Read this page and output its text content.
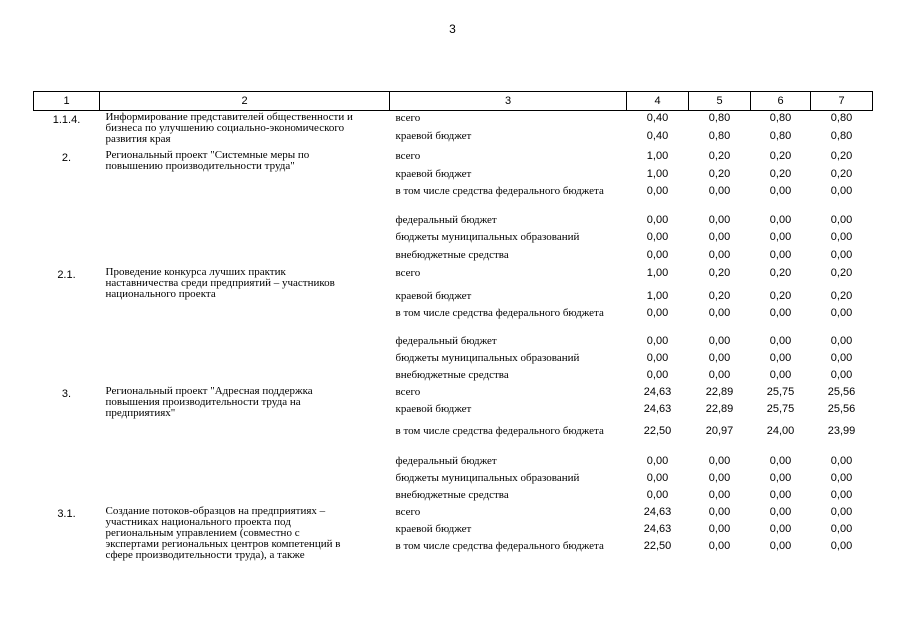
3
1	2	3	4	5	6	7
1.1.4.	Информирование представителей общественности и бизнеса по улучшению социально-экономического развития края	всего	0,40	0,80	0,80	0,80
		краевой бюджет	0,40	0,80	0,80	0,80
2.	Региональный проект "Системные меры по повышению производительности труда"	всего	1,00	0,20	0,20	0,20
		краевой бюджет	1,00	0,20	0,20	0,20
		в том числе средства федерального бюджета	0,00	0,00	0,00	0,00
		федеральный бюджет	0,00	0,00	0,00	0,00
		бюджеты муниципальных образований	0,00	0,00	0,00	0,00
		внебюджетные средства	0,00	0,00	0,00	0,00
2.1.	Проведение конкурса лучших практик наставничества среди предприятий – участников национального проекта	всего	1,00	0,20	0,20	0,20
		краевой бюджет	1,00	0,20	0,20	0,20
		в том числе средства федерального бюджета	0,00	0,00	0,00	0,00
		федеральный бюджет	0,00	0,00	0,00	0,00
		бюджеты муниципальных образований	0,00	0,00	0,00	0,00
		внебюджетные средства	0,00	0,00	0,00	0,00
3.	Региональный проект "Адресная поддержка повышения производительности труда на предприятиях"	всего	24,63	22,89	25,75	25,56
		краевой бюджет	24,63	22,89	25,75	25,56
		в том числе средства федерального бюджета	22,50	20,97	24,00	23,99
		федеральный бюджет	0,00	0,00	0,00	0,00
		бюджеты муниципальных образований	0,00	0,00	0,00	0,00
		внебюджетные средства	0,00	0,00	0,00	0,00
3.1.	Создание потоков-образцов на предприятиях – участниках национального проекта под региональным управлением (совместно с экспертами региональных центров компетенций в сфере производительности труда), а также	всего	24,63	0,00	0,00	0,00
		краевой бюджет	24,63	0,00	0,00	0,00
		в том числе средства федерального бюджета	22,50	0,00	0,00	0,00
